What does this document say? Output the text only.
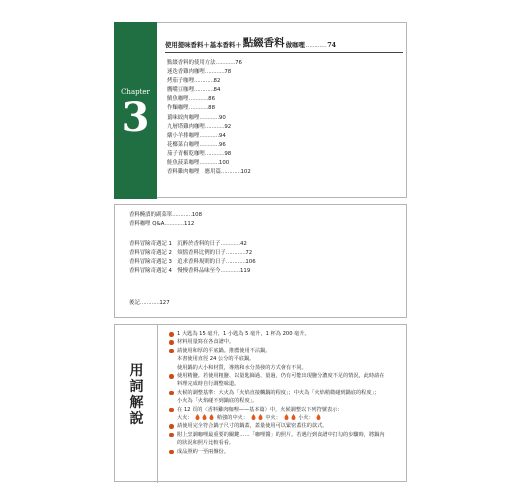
Chapter
3
使用提味香料＋基本香料＋ 點綴香料 做咖哩 ………… 74
點綴香料的使用方法…………76
迷迭香雞肉咖哩…………78
烤茄子咖哩…………82
鷹嘴豆咖哩…………84
鯖魚咖哩…………86
作麵咖哩…………88
薑味絞肉咖哩…………90
九層塔雞肉咖哩…………92
燉小羊排咖哩…………94
花椰菜白咖哩…………96
茄子青椒乾咖哩…………98
鮭魚菠菜咖哩…………100
香料雞肉咖哩　應用篇…………102
香料醃漬的副菜單…………108
香料咖哩 Q&A…………112
香料冒險奇遇記 1　沉醉於香料的日子…………42
香料冒險奇遇記 2　煩惱香料比例的日子…………72
香料冒險奇遇記 3　追求香料規則的日子…………106
香料冒險奇遇記 4　慢慢香料品味至今…………119
後記…………127
用
詞
解
說
1 大匙為 15 毫升，1 小匙為 5 毫升，1 杯為 200 毫升。
材料用量寫在各食譜中。
請使用和厚的平底鍋。推薦使用不沾鍋。
本書使用直徑 24 公分的平底鍋。
使用鍋的大小和材質，導熱和水分蒸發的方式會有不同。
使用精鹽。若使用粗鹽、以量匙篩過、量過，仍有可能出現鹽分濃度不足的情況，此時請在
料理完成時自行調整味道。
火候的調整基準：大火為「火焰直接觸鍋的程度」；中火為「火焰稍微碰到鍋底的程度」；
小火為「火焰碰不到鍋底的程度」。
在 12 頁的〈香料雞肉咖哩——基本篇〉中，火候調整以下列符號表示：
大火：	稍強的中火：	中火：	小火：
請使用完全符合鍋子尺寸的鍋蓋，蓋量使用可以緊密蓋住的款式。
附上烹調咖哩最重要的關鍵……「咖哩醬」的照片。若遇行到食譜中打勾的步驟時，將鍋內
的狀況和照片比較看看。
成品照約一至兩盤份。
